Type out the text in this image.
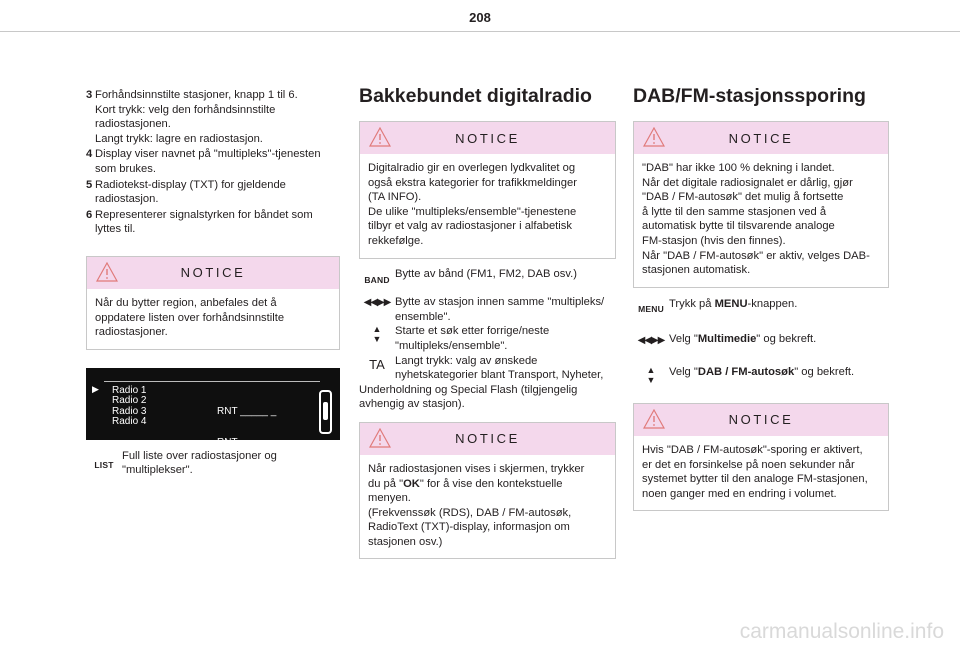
208
3 Forhåndsinnstilte stasjoner, knapp 1 til 6.
Kort trykk: velg den forhåndsinnstilte
radiostasjonen.
Langt trykk: lagre en radiostasjon.
4 Display viser navnet på "multipleks"-tjenesten
som brukes.
5 Radiotekst-display (TXT) for gjeldende
radiostasjon.
6 Representerer signalstyrken for båndet som
lyttes til.
NOTICE
Når du bytter region, anbefales det å
oppdatere listen over forhåndsinnstilte
radiostasjoner.
▶ Radio 1
Radio 2
Radio 3
Radio 4

RNT _____ _

RNT _____ _

RNT _____ _

RNT _____ _

LIST
Full liste over radiostasjoner og
"multiplekser".
Bakkebundet digitalradio
NOTICE
Digitalradio gir en overlegen lydkvalitet og
også ekstra kategorier for trafikkmeldinger
(TA INFO).
De ulike "multipleks/ensemble"-tjenestene
tilbyr et valg av radiostasjoner i alfabetisk
rekkefølge.
BAND Bytte av bånd (FM1, FM2, DAB osv.)
◀◀▶▶ Bytte av stasjon innen samme "multipleks/
ensemble".
▲
▼
Starte et søk etter forrige/neste
"multipleks/ensemble".
TA Langt trykk: valg av ønskede
nyhetskategorier blant Transport, Nyheter,
Underholdning og Special Flash (tilgjengelig
avhengig av stasjon).
NOTICE
Når radiostasjonen vises i skjermen, trykker
du på "OK" for å vise den kontekstuelle
menyen.
(Frekvenssøk (RDS), DAB / FM-autosøk,
RadioText (TXT)-display, informasjon om
stasjonen osv.)
DAB/FM-stasjonssporing
NOTICE
"DAB" har ikke 100 % dekning i landet.
Når det digitale radiosignalet er dårlig, gjør
"DAB / FM-autosøk" det mulig å fortsette
å lytte til den samme stasjonen ved å
automatisk bytte til tilsvarende analoge
FM-stasjon (hvis den finnes).
Når "DAB / FM-autosøk" er aktiv, velges DAB-
stasjonen automatisk.
MENU Trykk på MENU-knappen.
◀◀▶▶ Velg "Multimedie" og bekreft.
▲
▼
Velg "DAB / FM-autosøk" og bekreft.
NOTICE
Hvis "DAB / FM-autosøk"-sporing er aktivert,
er det en forsinkelse på noen sekunder når
systemet bytter til den analoge FM-stasjonen,
noen ganger med en endring i volumet.
carmanualsonline.info
